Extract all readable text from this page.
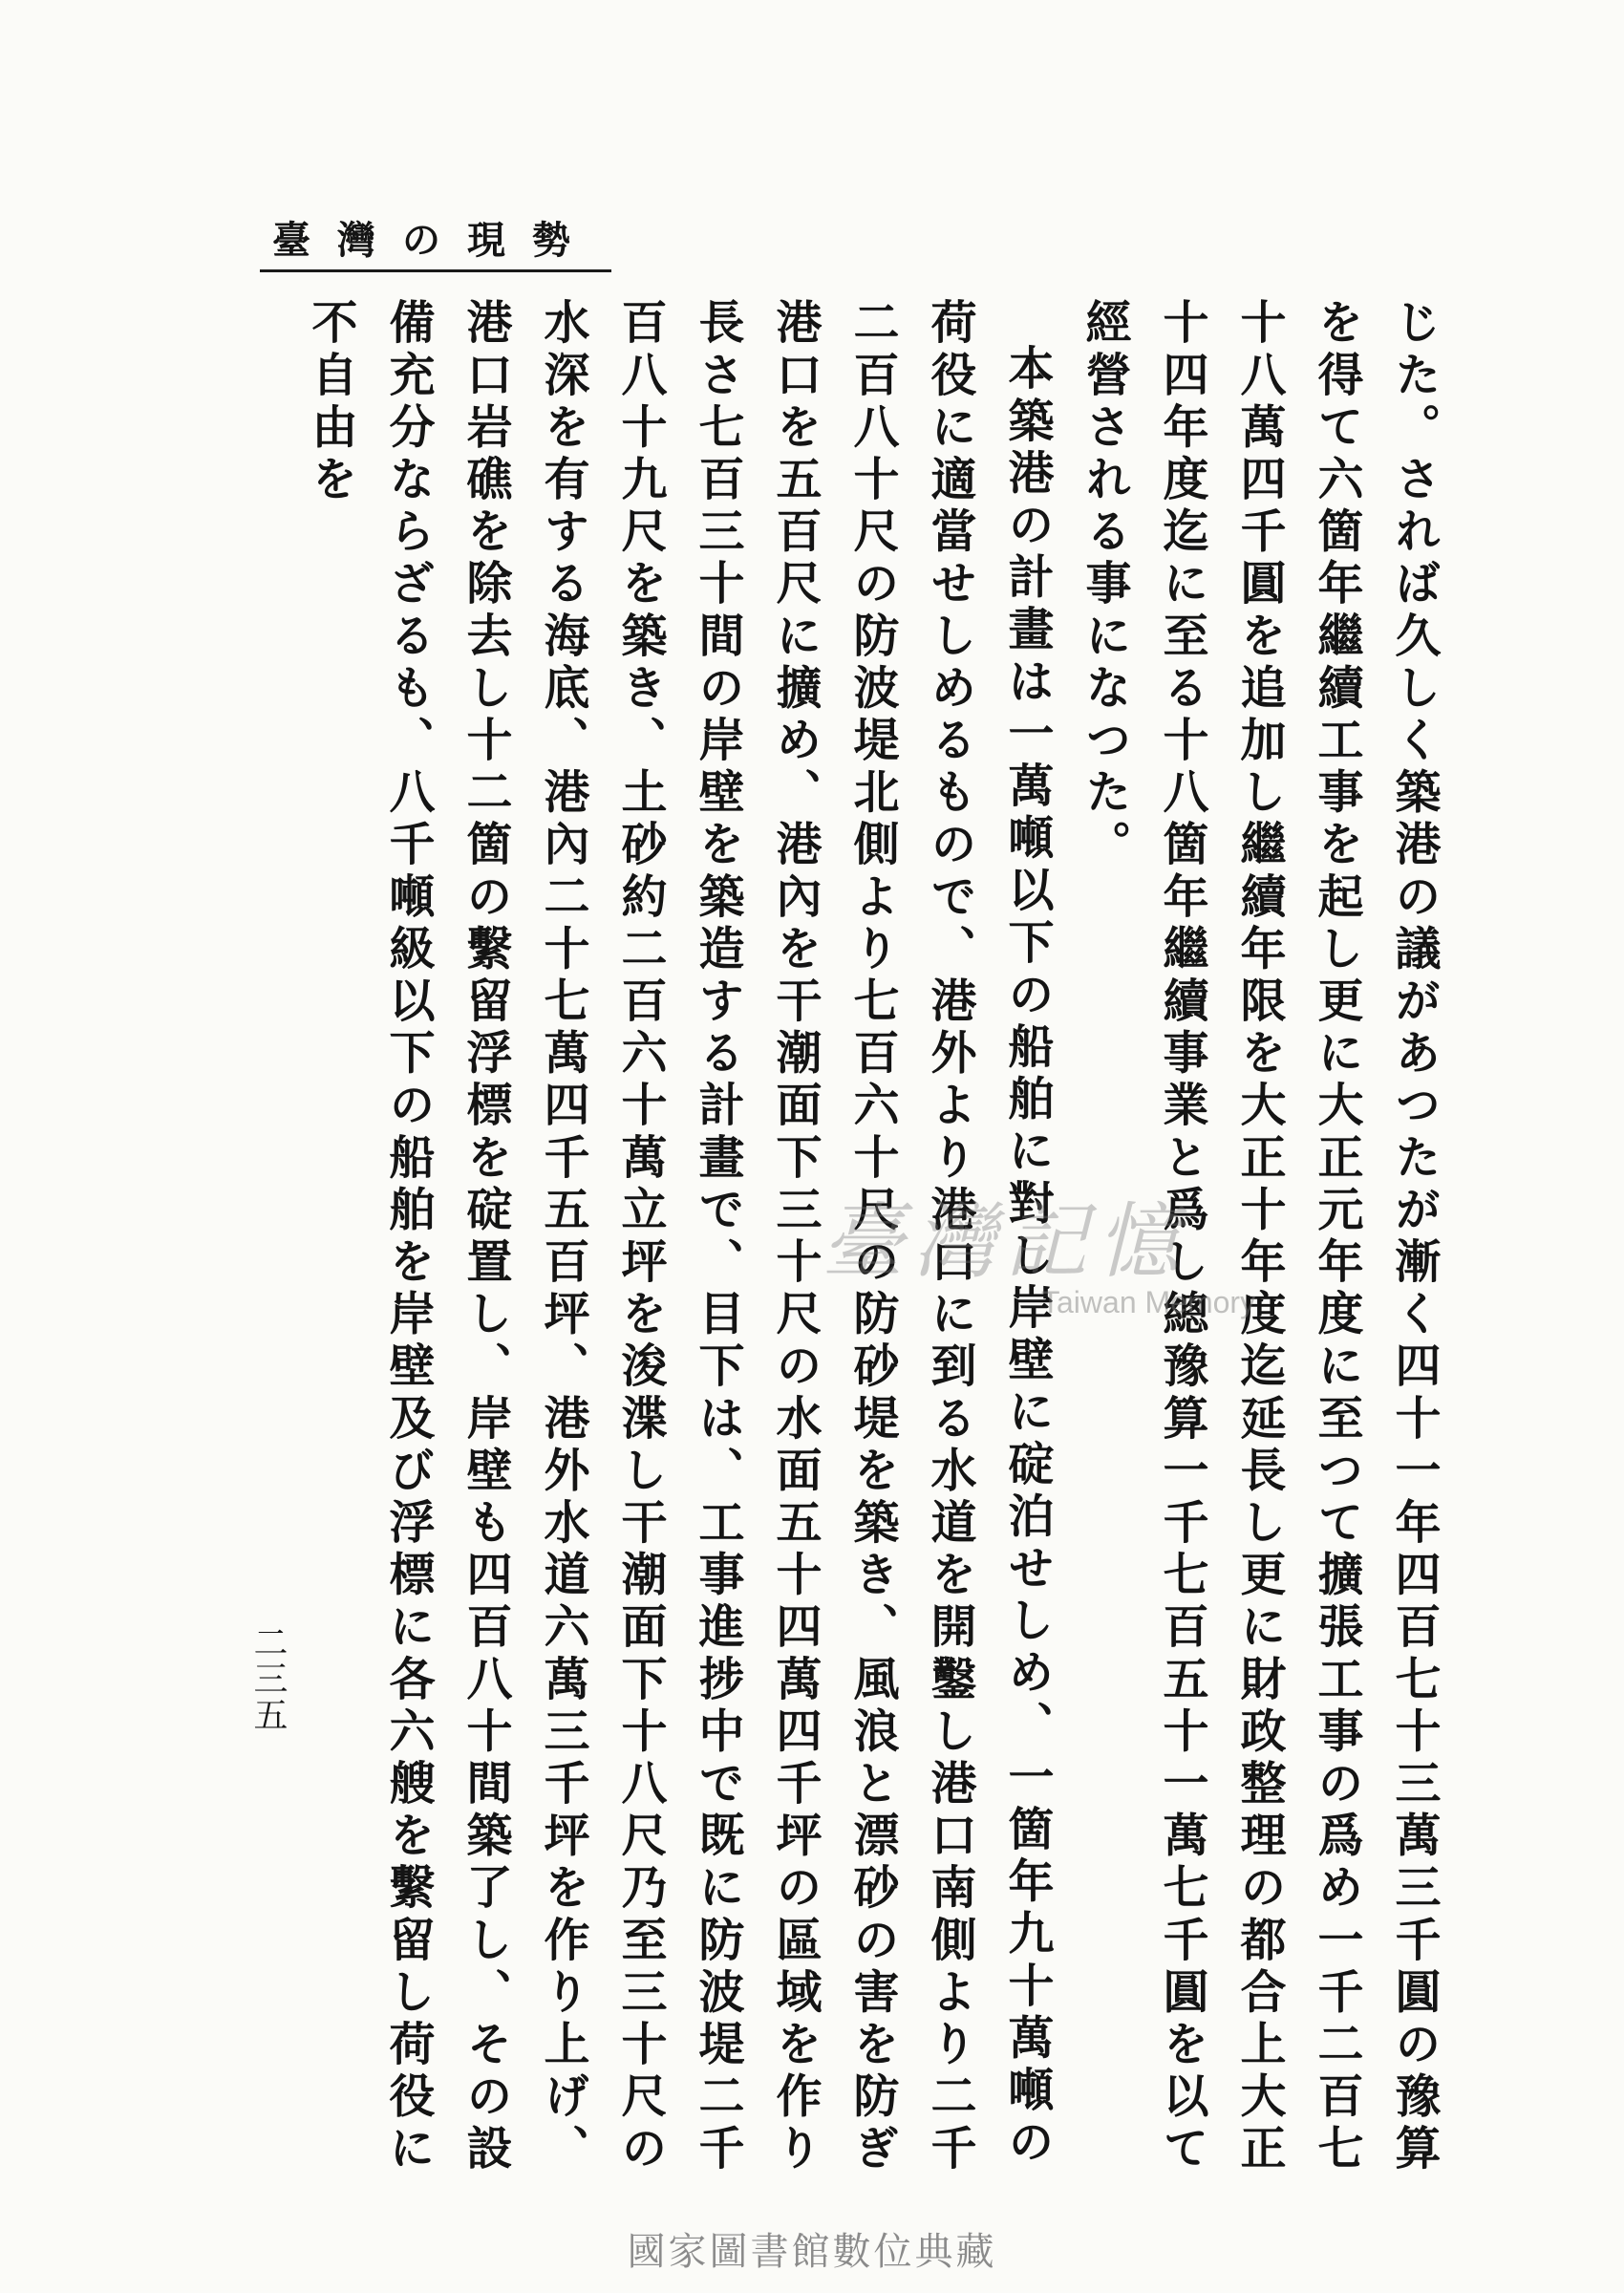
臺灣の現勢

じた。されば久しく築港の議があつたが漸く四十一年四百七十三萬三千圓の豫算を得て六箇年繼續工事を起し更に大正元年度に至つて擴張工事の爲め一千二百七十八萬四千圓を追加し繼續年限を大正十年度迄延長し更に財政整理の都合上大正十四年度迄に至る十八箇年繼續事業と爲し總豫算一千七百五十一萬七千圓を以て經營される事になつた。

本築港の計畫は一萬噸以下の船舶に對し岸壁に碇泊せしめ、一箇年九十萬噸の荷役に適當せしめるもので、港外より港口に到る水道を開鑿し港口南側より二千二百八十尺の防波堤北側より七百六十尺の防砂堤を築き、風浪と漂砂の害を防ぎ港口を五百尺に擴め、港內を干潮面下三十尺の水面五十四萬四千坪の區域を作り長さ七百三十間の岸壁を築造する計畫で、目下は、工事進捗中で既に防波堤二千百八十九尺を築き、土砂約二百六十萬立坪を浚渫し干潮面下十八尺乃至三十尺の水深を有する海底、港內二十七萬四千五百坪、港外水道六萬三千坪を作り上げ、港口岩礁を除去し十二箇の繫留浮標を碇置し、岸壁も四百八十間築了し、その設備充分ならざるも、八千噸級以下の船舶を岸壁及び浮標に各六艘を繫留し荷役に不自由を

二三五
臺灣記憶
Taiwan Memory
國家圖書館數位典藏
